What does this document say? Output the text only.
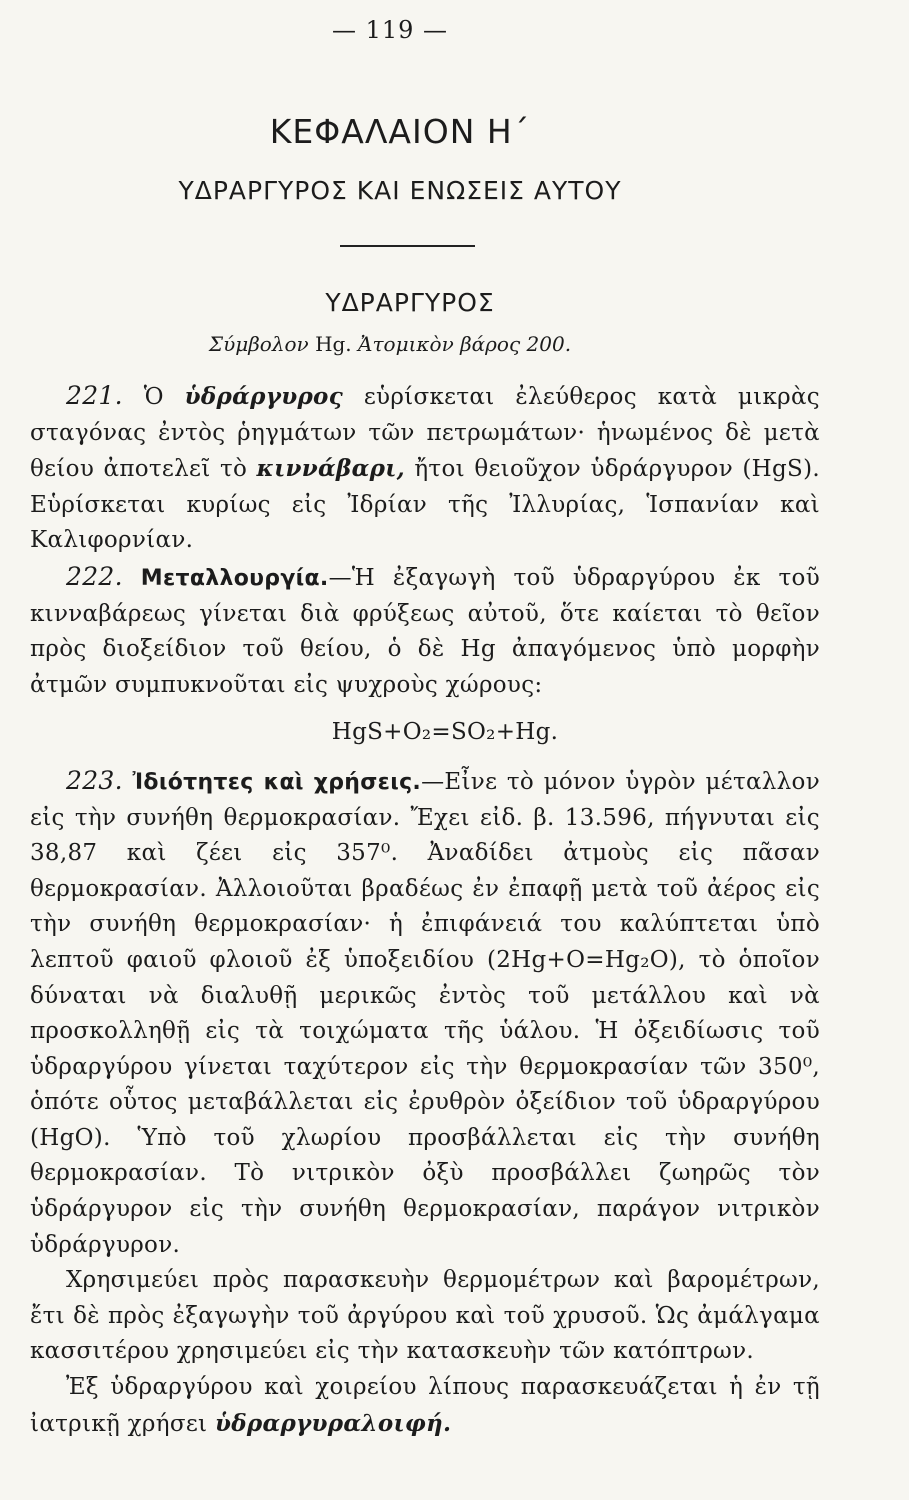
— 119 —
ΚΕΦΑΛΑΙΟΝ Η΄
ΥΔΡΑΡΓΥΡΟΣ ΚΑΙ ΕΝΩΣΕΙΣ ΑΥΤΟΥ
ΥΔΡΑΡΓΥΡΟΣ
Σύμβολον Hg. Ἀτομικὸν βάρος 200.

221. Ὁ ὑδράργυρος εὑρίσκεται ἐλεύθερος κατὰ μικρὰς σταγόνας ἐντὸς ῥηγμάτων τῶν πετρωμάτων· ἡνωμένος δὲ μετὰ θείου ἀποτελεῖ τὸ κιννάβαρι, ἤτοι θειοῦχον ὑδράργυρον (HgS). Εὑρίσκεται κυρίως εἰς Ἰδρίαν τῆς Ἰλλυρίας, Ἱσπανίαν καὶ Καλιφορνίαν.

222. Μεταλλουργία.—Ἡ ἐξαγωγὴ τοῦ ὑδραργύρου ἐκ τοῦ κινναβάρεως γίνεται διὰ φρύξεως αὐτοῦ, ὅτε καίεται τὸ θεῖον πρὸς διοξείδιον τοῦ θείου, ὁ δὲ Hg ἀπαγόμενος ὑπὸ μορφὴν ἀτμῶν συμπυκνοῦται εἰς ψυχροὺς χώρους:

HgS+O₂=SO₂+Hg.

223. Ἰδιότητες καὶ χρήσεις.—Εἶνε τὸ μόνον ὑγρὸν μέταλλον εἰς τὴν συνήθη θερμοκρασίαν. Ἔχει εἰδ. β. 13.596, πήγνυται εἰς 38,87 καὶ ζέει εἰς 357⁰. Ἀναδίδει ἀτμοὺς εἰς πᾶσαν θερμοκρασίαν. Ἀλλοιοῦται βραδέως ἐν ἐπαφῇ μετὰ τοῦ ἀέρος εἰς τὴν συνήθη θερμοκρασίαν· ἡ ἐπιφάνειά του καλύπτεται ὑπὸ λεπτοῦ φαιοῦ φλοιοῦ ἐξ ὑποξειδίου (2Hg+O=Hg₂O), τὸ ὁποῖον δύναται νὰ διαλυθῇ μερικῶς ἐντὸς τοῦ μετάλλου καὶ νὰ προσκολληθῇ εἰς τὰ τοιχώματα τῆς ὑάλου. Ἡ ὀξειδίωσις τοῦ ὑδραργύρου γίνεται ταχύτερον εἰς τὴν θερμοκρασίαν τῶν 350⁰, ὁπότε οὗτος μεταβάλλεται εἰς ἐρυθρὸν ὀξείδιον τοῦ ὑδραργύρου (HgO). Ὑπὸ τοῦ χλωρίου προσβάλλεται εἰς τὴν συνήθη θερμοκρασίαν. Τὸ νιτρικὸν ὀξὺ προσβάλλει ζωηρῶς τὸν ὑδράργυρον εἰς τὴν συνήθη θερμοκρασίαν, παράγον νιτρικὸν ὑδράργυρον.

Χρησιμεύει πρὸς παρασκευὴν θερμομέτρων καὶ βαρομέτρων, ἔτι δὲ πρὸς ἐξαγωγὴν τοῦ ἀργύρου καὶ τοῦ χρυσοῦ. Ὡς ἀμάλγαμα κασσιτέρου χρησιμεύει εἰς τὴν κατασκευὴν τῶν κατόπτρων.

Ἐξ ὑδραργύρου καὶ χοιρείου λίπους παρασκευάζεται ἡ ἐν τῇ ἰατρικῇ χρήσει ὑδραργυραλοιφή.
